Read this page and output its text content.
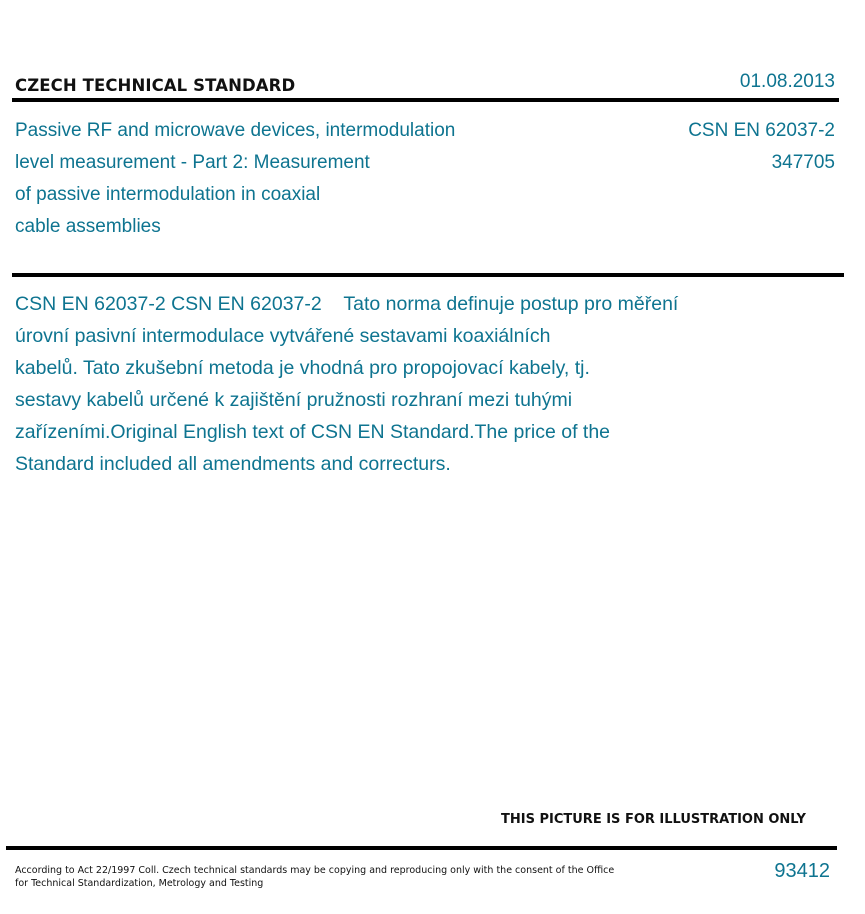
CZECH TECHNICAL STANDARD	01.08.2013
Passive RF and microwave devices, intermodulation
level measurement - Part 2: Measurement
of passive intermodulation in coaxial
cable assemblies
CSN EN 62037-2
347705
CSN EN 62037-2 CSN EN 62037-2    Tato norma definuje postup pro měření
úrovní pasivní intermodulace vytvářené sestavami koaxiálních
kabelů. Tato zkušební metoda je vhodná pro propojovací kabely, tj.
sestavy kabelů určené k zajištění pružnosti rozhraní mezi tuhými
zařízeními.Original English text of CSN EN Standard.The price of the
Standard included all amendments and correcturs.
THIS PICTURE IS FOR ILLUSTRATION ONLY
According to Act 22/1997 Coll. Czech technical standards may be copying and reproducing only with the consent of the Office
for Technical Standardization, Metrology and Testing
93412
